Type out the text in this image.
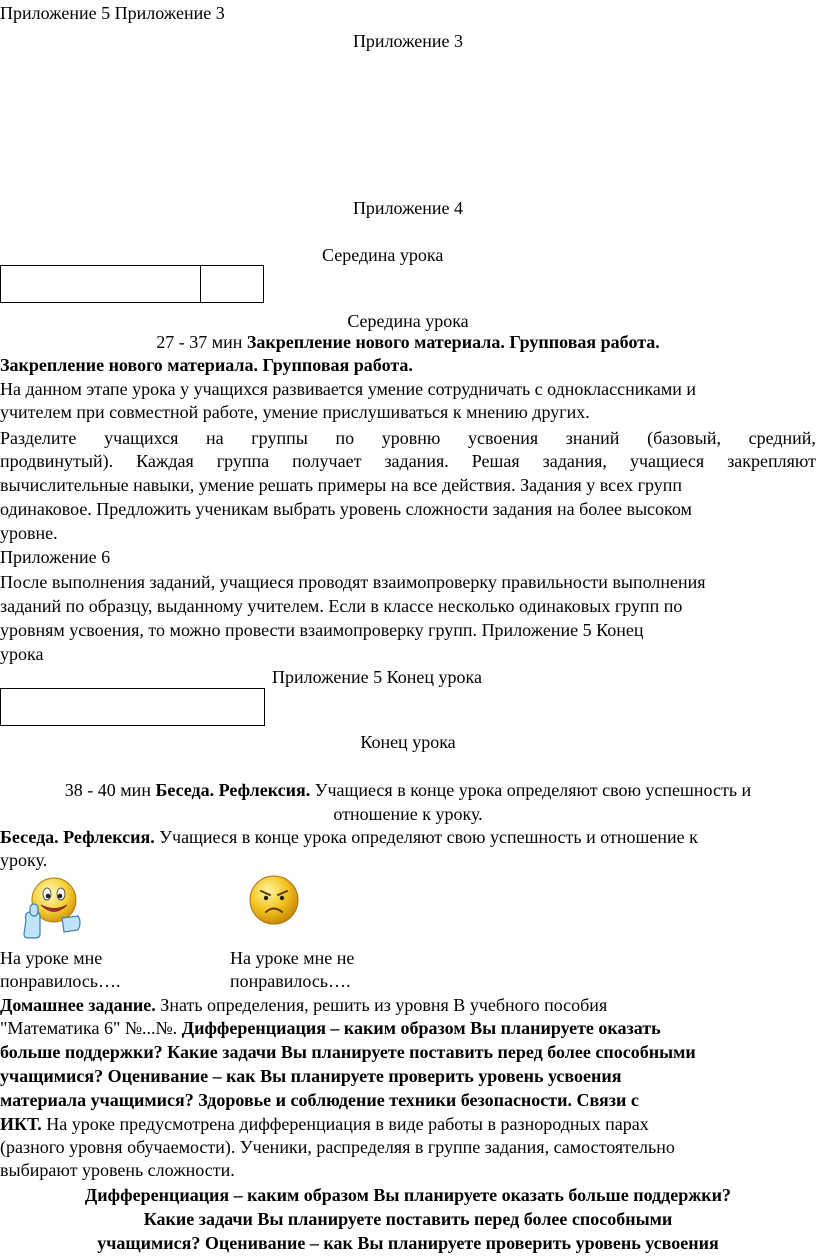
Приложение 5 Приложение 3
Приложение 3
Приложение 4
Середина урока
Середина урока
27 - 37 мин Закрепление нового материала. Групповая работа.
Закрепление нового материала. Групповая работа.
На данном этапе урока у учащихся развивается умение сотрудничать с одноклассниками и
учителем при совместной работе, умение прислушиваться к мнению других.
Разделите учащихся на группы по уровню усвоения знаний (базовый, средний,
продвинутый). Каждая группа получает задания. Решая задания, учащиеся закрепляют
вычислительные навыки, умение решать примеры на все действия. Задания у всех групп
одинаковое. Предложить ученикам выбрать уровень сложности задания на более высоком
уровне.
Приложение 6
После выполнения заданий, учащиеся проводят взаимопроверку правильности выполнения
заданий по образцу, выданному учителем. Если в классе несколько одинаковых групп по
уровням усвоения, то можно провести взаимопроверку групп. Приложение 5 Конец
урока
Приложение 5 Конец урока
Конец урока
38 - 40 мин Беседа. Рефлексия. Учащиеся в конце урока определяют свою успешность и
отношение к уроку.
Беседа. Рефлексия. Учащиеся в конце урока определяют свою успешность и отношение к
уроку.
На уроке мне
понравилось….
На уроке мне не
понравилось….
Домашнее задание. Знать определения, решить из уровня В учебного пособия
"Математика 6" №...№. Дифференциация – каким образом Вы планируете оказать
больше поддержки? Какие задачи Вы планируете поставить перед более способными
учащимися? Оценивание – как Вы планируете проверить уровень усвоения
материала учащимися? Здоровье и соблюдение техники безопасности. Связи с
ИКТ. На уроке предусмотрена дифференциация в виде работы в разнородных парах
(разного уровня обучаемости). Ученики, распределяя в группе задания, самостоятельно
выбирают уровень сложности.
Дифференциация – каким образом Вы планируете оказать больше поддержки?
Какие задачи Вы планируете поставить перед более способными
учащимися? Оценивание – как Вы планируете проверить уровень усвоения
